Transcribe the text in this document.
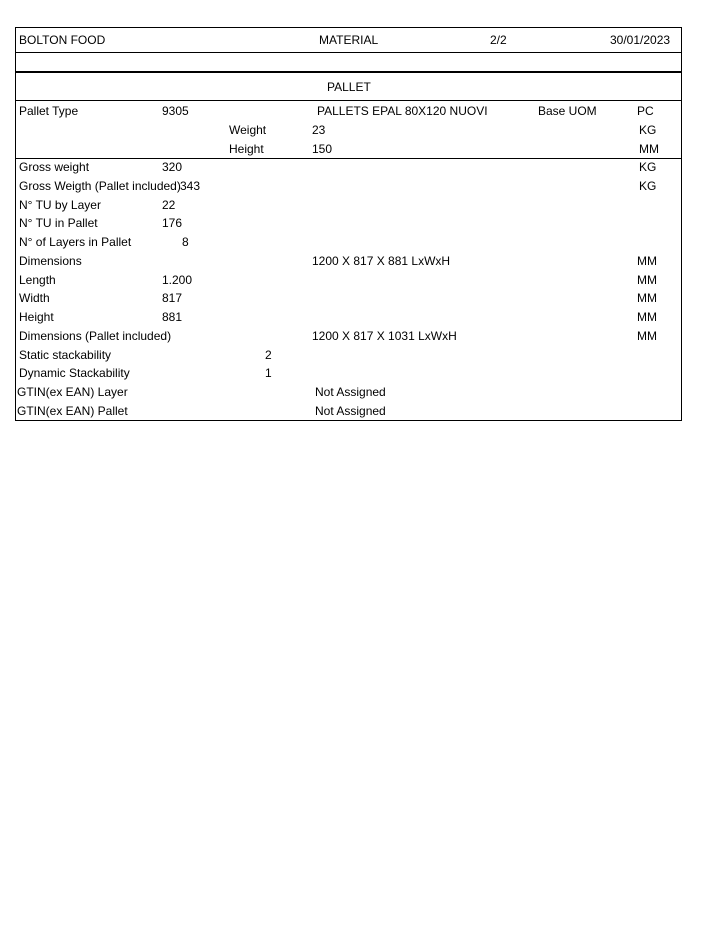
BOLTON FOOD	MATERIAL	2/2	30/01/2023
PALLET
Pallet Type	9305	PALLETS EPAL 80X120 NUOVI	Base UOM	PC
Weight	23	KG
Height	150	MM
Gross weight	320	KG
Gross Weigth (Pallet included) 343	KG
N° TU by Layer	22
N° TU in Pallet	176
N° of Layers in Pallet	8
Dimensions	1200 X 817 X 881 LxWxH	MM
Length	1.200	MM
Width	817	MM
Height	881	MM
Dimensions (Pallet included)	1200 X 817 X 1031 LxWxH	MM
Static stackability	2
Dynamic Stackability	1
GTIN(ex EAN) Layer	Not Assigned
GTIN(ex EAN) Pallet	Not Assigned
